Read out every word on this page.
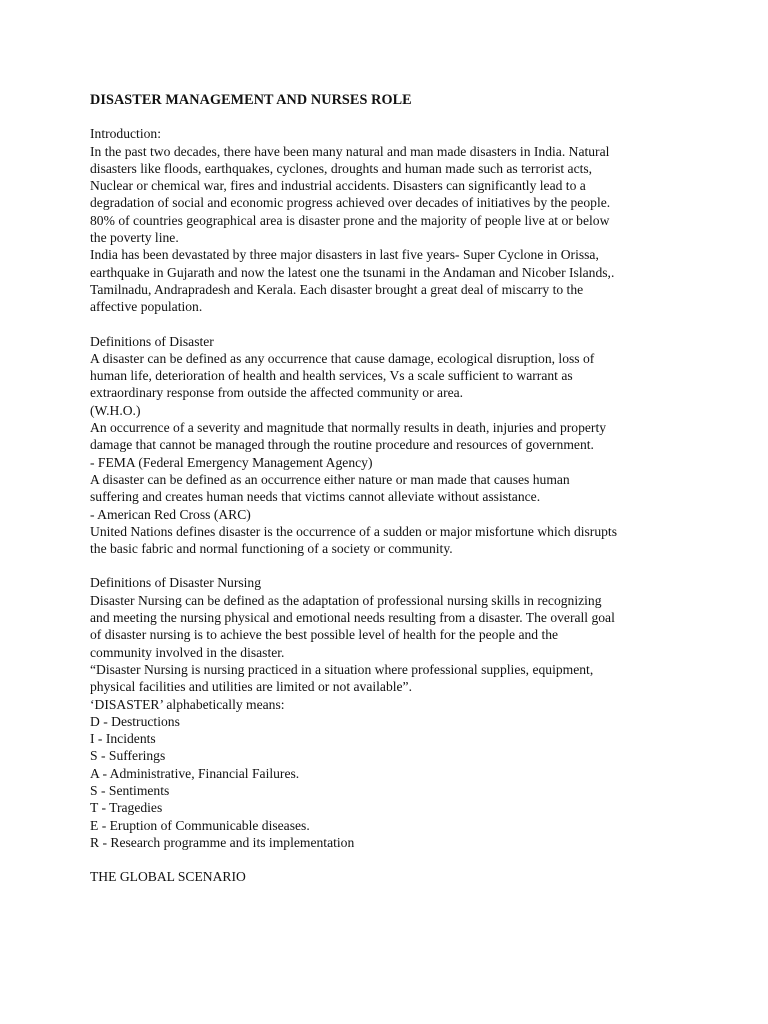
DISASTER MANAGEMENT AND NURSES ROLE
Introduction:
In the past two decades, there have been many natural and man made disasters in India. Natural
disasters like floods, earthquakes, cyclones, droughts and human made such as terrorist acts,
Nuclear or chemical war, fires and industrial accidents. Disasters can significantly lead to a
degradation of social and economic progress achieved over decades of initiatives by the people.
80% of countries geographical area is disaster prone and the majority of people live at or below
the poverty line.
India has been devastated by three major disasters in last five years- Super Cyclone in Orissa,
earthquake in Gujarath and now the latest one the tsunami in the Andaman and Nicober Islands,.
Tamilnadu, Andrapradesh and Kerala. Each disaster brought a great deal of miscarry to the
affective population.
Definitions of Disaster
A disaster can be defined as any occurrence that cause damage, ecological disruption, loss of
human life, deterioration of health and health services, Vs a scale sufficient to warrant as
extraordinary response from outside the affected community or area.
(W.H.O.)
An occurrence of a severity and magnitude that normally results in death, injuries and property
damage that cannot be managed through the routine procedure and resources of government.
- FEMA (Federal Emergency Management Agency)
A disaster can be defined as an occurrence either nature or man made that causes human
suffering and creates human needs that victims cannot alleviate without assistance.
- American Red Cross (ARC)
United Nations defines disaster is the occurrence of a sudden or major misfortune which disrupts
the basic fabric and normal functioning of a society or community.
Definitions of Disaster Nursing
Disaster Nursing can be defined as the adaptation of professional nursing skills in recognizing
and meeting the nursing physical and emotional needs resulting from a disaster. The overall goal
of disaster nursing is to achieve the best possible level of health for the people and the
community involved in the disaster.
“Disaster Nursing is nursing practiced in a situation where professional supplies, equipment,
physical facilities and utilities are limited or not available”.
‘DISASTER’ alphabetically means:
D - Destructions
I - Incidents
S - Sufferings
A - Administrative, Financial Failures.
S - Sentiments
T - Tragedies
E - Eruption of Communicable diseases.
R - Research programme and its implementation
THE GLOBAL SCENARIO
